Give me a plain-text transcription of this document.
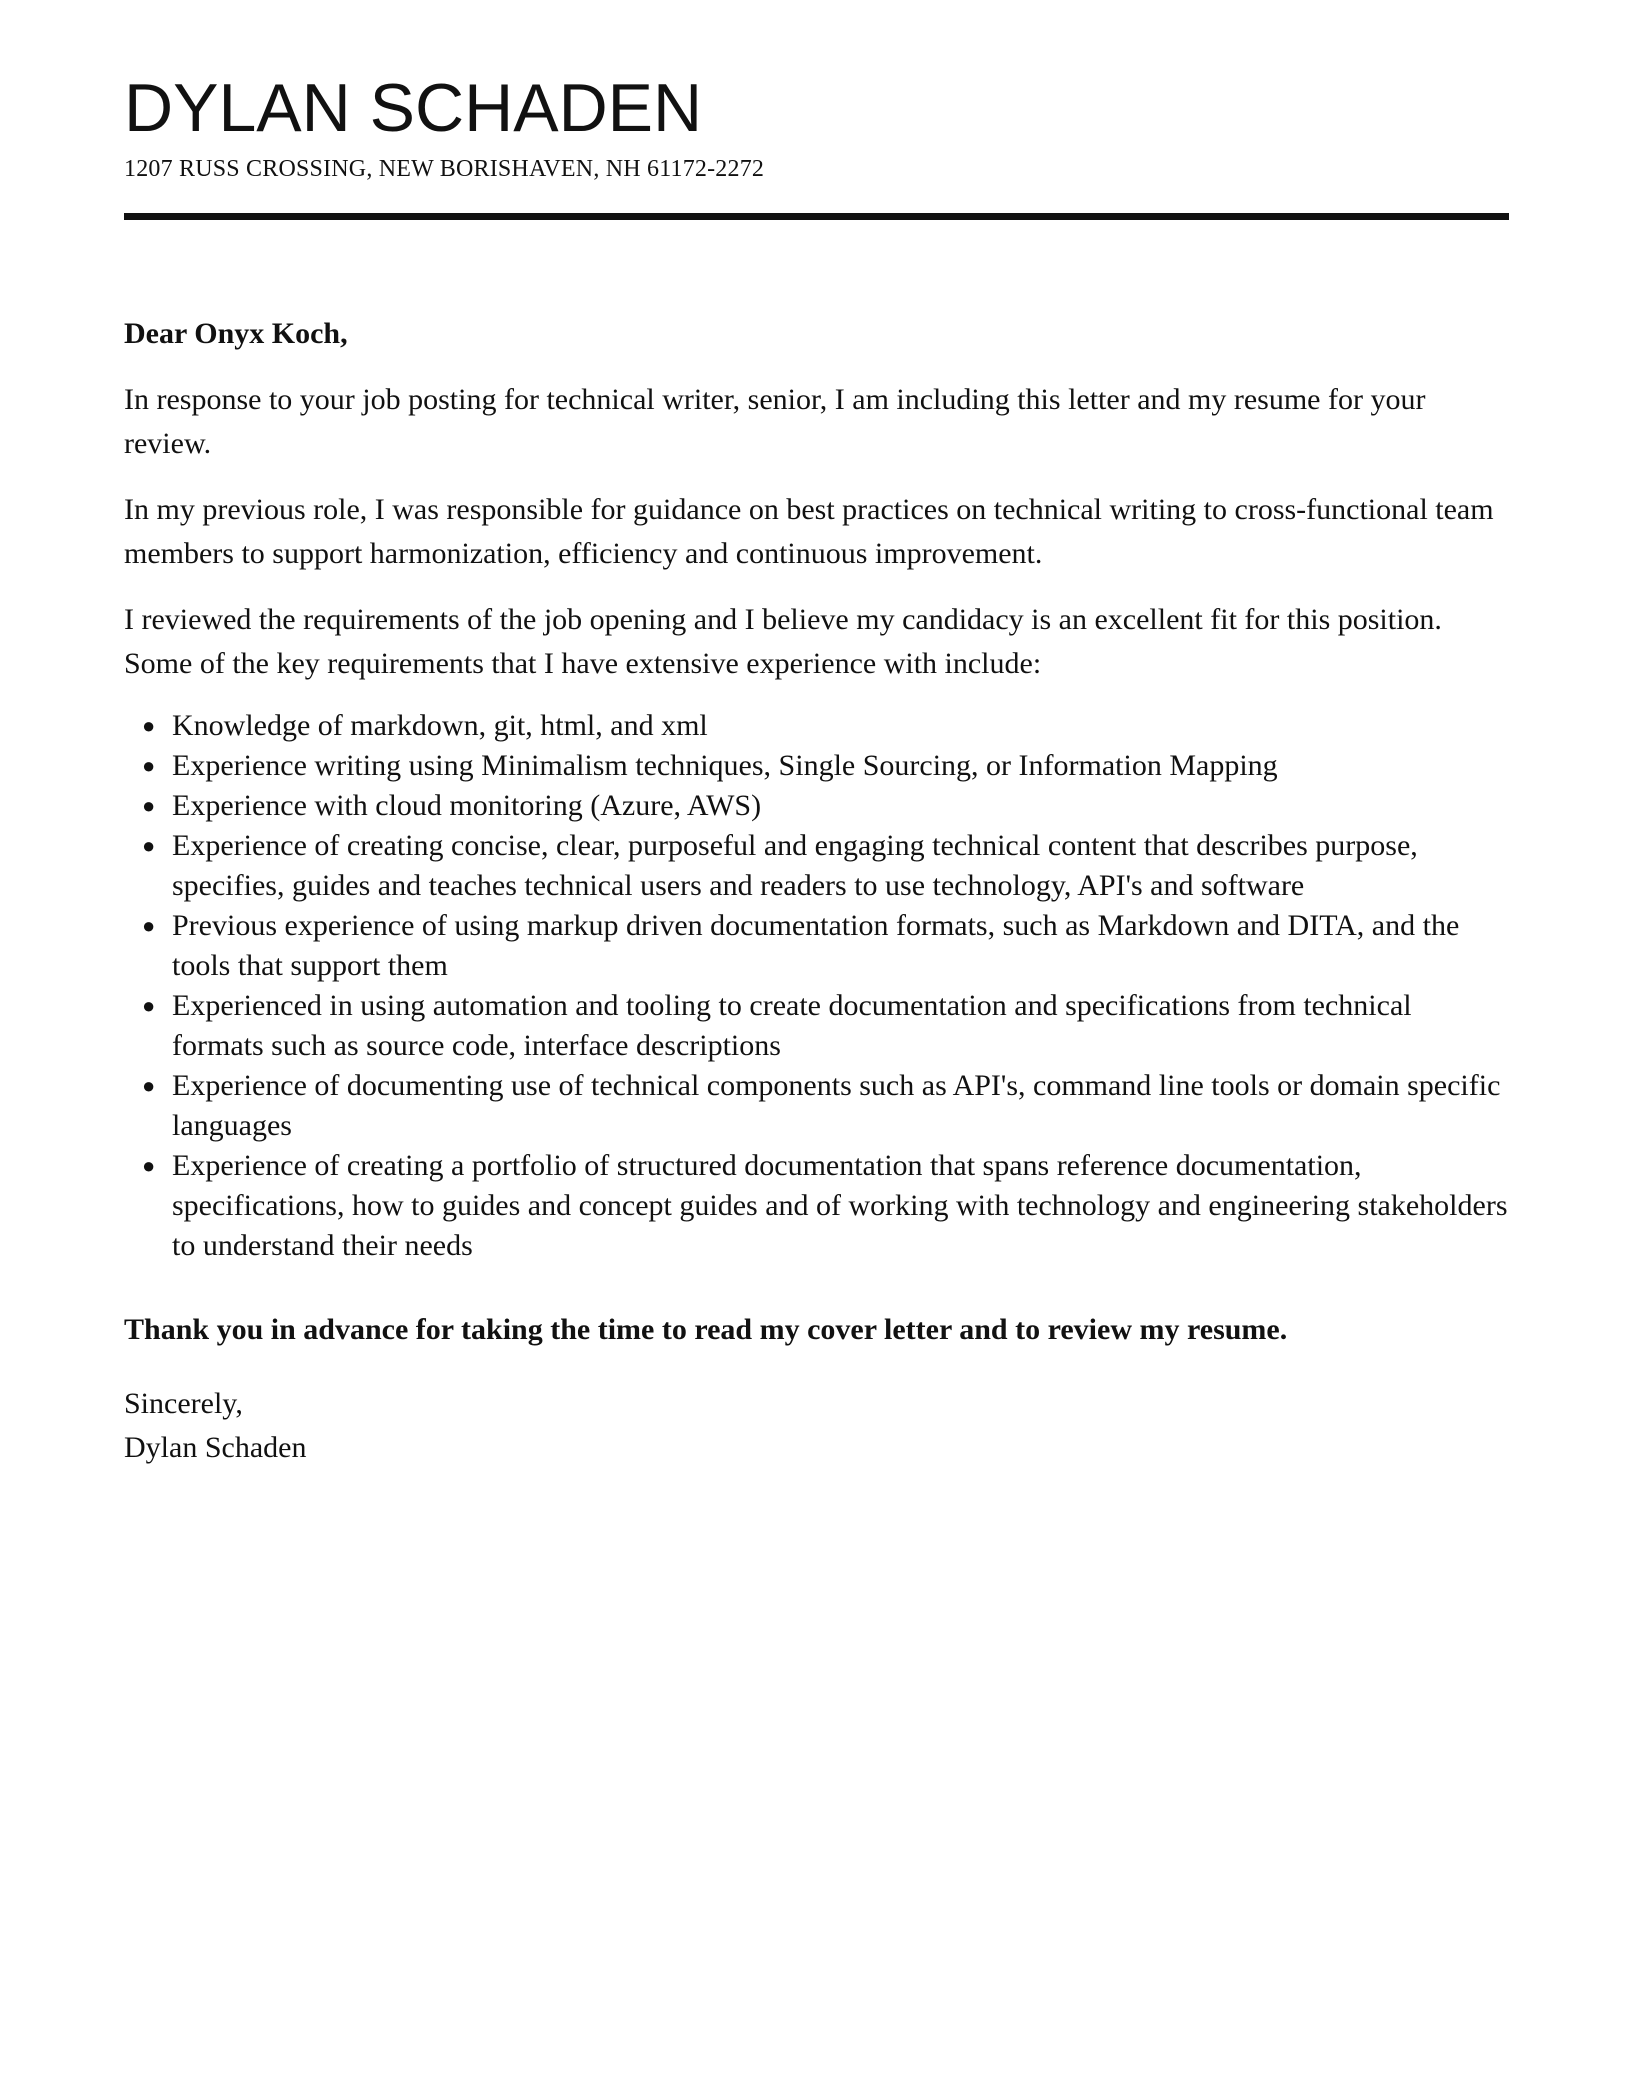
DYLAN SCHADEN
1207 RUSS CROSSING, NEW BORISHAVEN, NH 61172-2272

Dear Onyx Koch,

In response to your job posting for technical writer, senior, I am including this letter and my resume for your review.

In my previous role, I was responsible for guidance on best practices on technical writing to cross-functional team members to support harmonization, efficiency and continuous improvement.

I reviewed the requirements of the job opening and I believe my candidacy is an excellent fit for this position. Some of the key requirements that I have extensive experience with include:

● Knowledge of markdown, git, html, and xml
● Experience writing using Minimalism techniques, Single Sourcing, or Information Mapping
● Experience with cloud monitoring (Azure, AWS)
● Experience of creating concise, clear, purposeful and engaging technical content that describes purpose, specifies, guides and teaches technical users and readers to use technology, API's and software
● Previous experience of using markup driven documentation formats, such as Markdown and DITA, and the tools that support them
● Experienced in using automation and tooling to create documentation and specifications from technical formats such as source code, interface descriptions
● Experience of documenting use of technical components such as API's, command line tools or domain specific languages
● Experience of creating a portfolio of structured documentation that spans reference documentation, specifications, how to guides and concept guides and of working with technology and engineering stakeholders to understand their needs

Thank you in advance for taking the time to read my cover letter and to review my resume.

Sincerely,
Dylan Schaden
